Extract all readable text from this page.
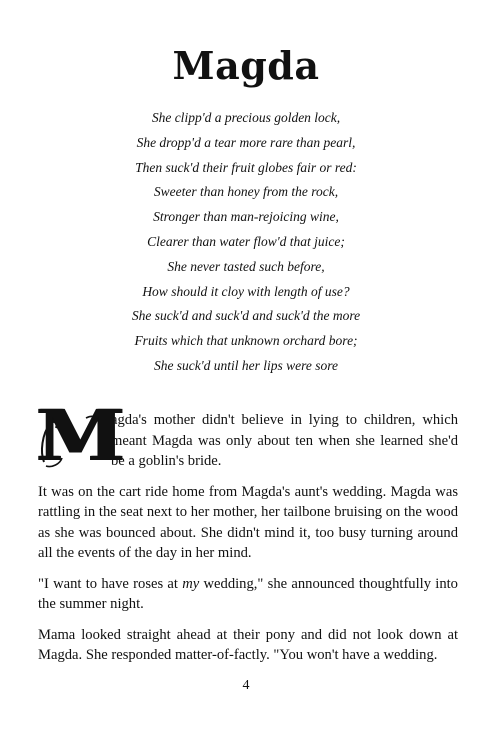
Magda
She clipp'd a precious golden lock,
She dropp'd a tear more rare than pearl,
Then suck'd their fruit globes fair or red:
Sweeter than honey from the rock,
Stronger than man-rejoicing wine,
Clearer than water flow'd that juice;
She never tasted such before,
How should it cloy with length of use?
She suck'd and suck'd and suck'd the more
Fruits which that unknown orchard bore;
She suck'd until her lips were sore

M
agda's mother didn't believe in lying to children, which meant Magda was only about ten when she learned she'd be a goblin's bride.

It was on the cart ride home from Magda's aunt's wedding. Magda was rattling in the seat next to her mother, her tailbone bruising on the wood as she was bounced about. She didn't mind it, too busy turning around all the events of the day in her mind.

"I want to have roses at my wedding," she announced thoughtfully into the summer night.

Mama looked straight ahead at their pony and did not look down at Magda. She responded matter-of-factly. "You won't have a wedding.

4
